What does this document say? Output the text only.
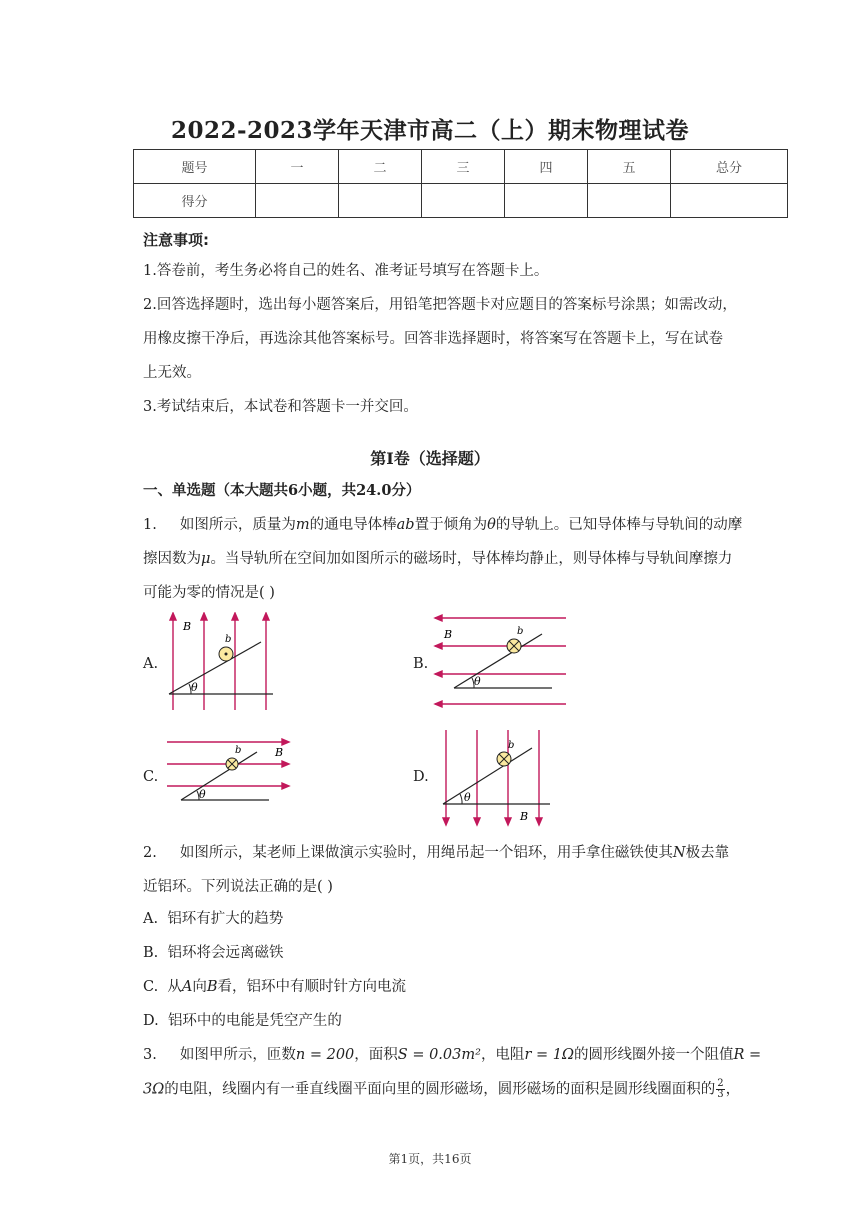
2022-2023学年天津市高二（上）期末物理试卷
题号	一	二	三	四	五	总分
得分						
注意事项:
1.答卷前，考生务必将自己的姓名、准考证号填写在答题卡上。
2.回答选择题时，选出每小题答案后，用铅笔把答题卡对应题目的答案标号涂黑；如需改动，
用橡皮擦干净后，再选涂其他答案标号。回答非选择题时，将答案写在答题卡上，写在试卷
上无效。
3.考试结束后，本试卷和答题卡一并交回。
第I卷（选择题）
一、单选题（本大题共6小题，共24.0分）
1. 如图所示，质量为m的通电导体棒ab置于倾角为θ的导轨上。已知导体棒与导轨间的动摩
擦因数为μ。当导轨所在空间加如图所示的磁场时，导体棒均静止，则导体棒与导轨间摩擦力
可能为零的情况是( )
A.	B.
C.	D.
θ
B
b
θ
B	b
θ
B
b
θ
B
b
2. 如图所示，某老师上课做演示实验时，用绳吊起一个铝环，用手拿住磁铁使其N极去靠
近铝环。下列说法正确的是( )
A. 铝环有扩大的趋势
B. 铝环将会远离磁铁
C. 从A向B看，铝环中有顺时针方向电流
D. 铝环中的电能是凭空产生的
3. 如图甲所示，匝数n = 200，面积S = 0.03m²，电阻r = 1Ω的圆形线圈外接一个阻值R =
3Ω的电阻，线圈内有一垂直线圈平面向里的圆形磁场，圆形磁场的面积是圆形线圈面积的 $\frac{2}{3}$ ，
第1页，共16页
